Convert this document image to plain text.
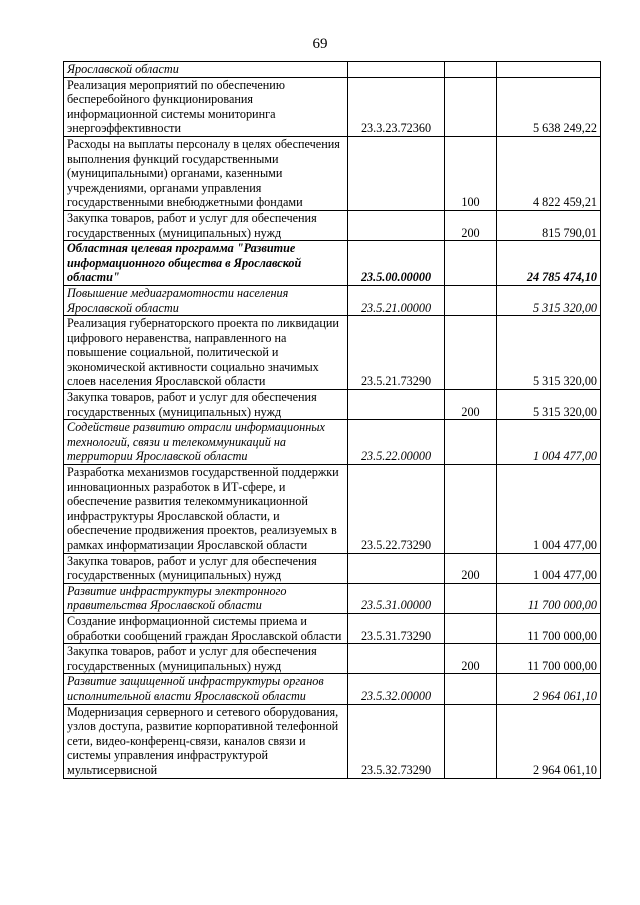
69
Ярославской области			
Реализация мероприятий по обеспечению бесперебойного функционирования информационной системы мониторинга энергоэффективности	23.3.23.72360		5 638 249,22
Расходы на выплаты персоналу в целях обеспечения выполнения функций государственными (муниципальными) органами, казенными учреждениями, органами управления государственными внебюджетными фондами		100	4 822 459,21
Закупка товаров, работ и услуг для обеспечения государственных (муниципальных) нужд		200	815 790,01
Областная целевая программа "Развитие информационного общества в Ярославской области"	23.5.00.00000		24 785 474,10
Повышение медиаграмотности населения Ярославской области	23.5.21.00000		5 315 320,00
Реализация губернаторского проекта по ликвидации цифрового неравенства, направленного на повышение социальной, политической и экономической активности социально значимых слоев населения Ярославской области	23.5.21.73290		5 315 320,00
Закупка товаров, работ и услуг для обеспечения государственных (муниципальных) нужд		200	5 315 320,00
Содействие развитию отрасли информационных технологий, связи и телекоммуникаций на территории Ярославской области	23.5.22.00000		1 004 477,00
Разработка механизмов государственной поддержки инновационных разработок в ИТ-сфере, и обеспечение развития телекоммуникационной инфраструктуры Ярославской области, и обеспечение продвижения проектов, реализуемых в рамках информатизации Ярославской области	23.5.22.73290		1 004 477,00
Закупка товаров, работ и услуг для обеспечения государственных (муниципальных) нужд		200	1 004 477,00
Развитие инфраструктуры электронного правительства Ярославской области	23.5.31.00000		11 700 000,00
Создание информационной системы приема и обработки сообщений граждан Ярославской области	23.5.31.73290		11 700 000,00
Закупка товаров, работ и услуг для обеспечения государственных (муниципальных) нужд		200	11 700 000,00
Развитие защищенной инфраструктуры органов исполнительной власти Ярославской области	23.5.32.00000		2 964 061,10
Модернизация серверного и сетевого оборудования, узлов доступа, развитие корпоративной телефонной сети, видео-конференц-связи, каналов связи и системы управления инфраструктурой мультисервисной	23.5.32.73290		2 964 061,10
